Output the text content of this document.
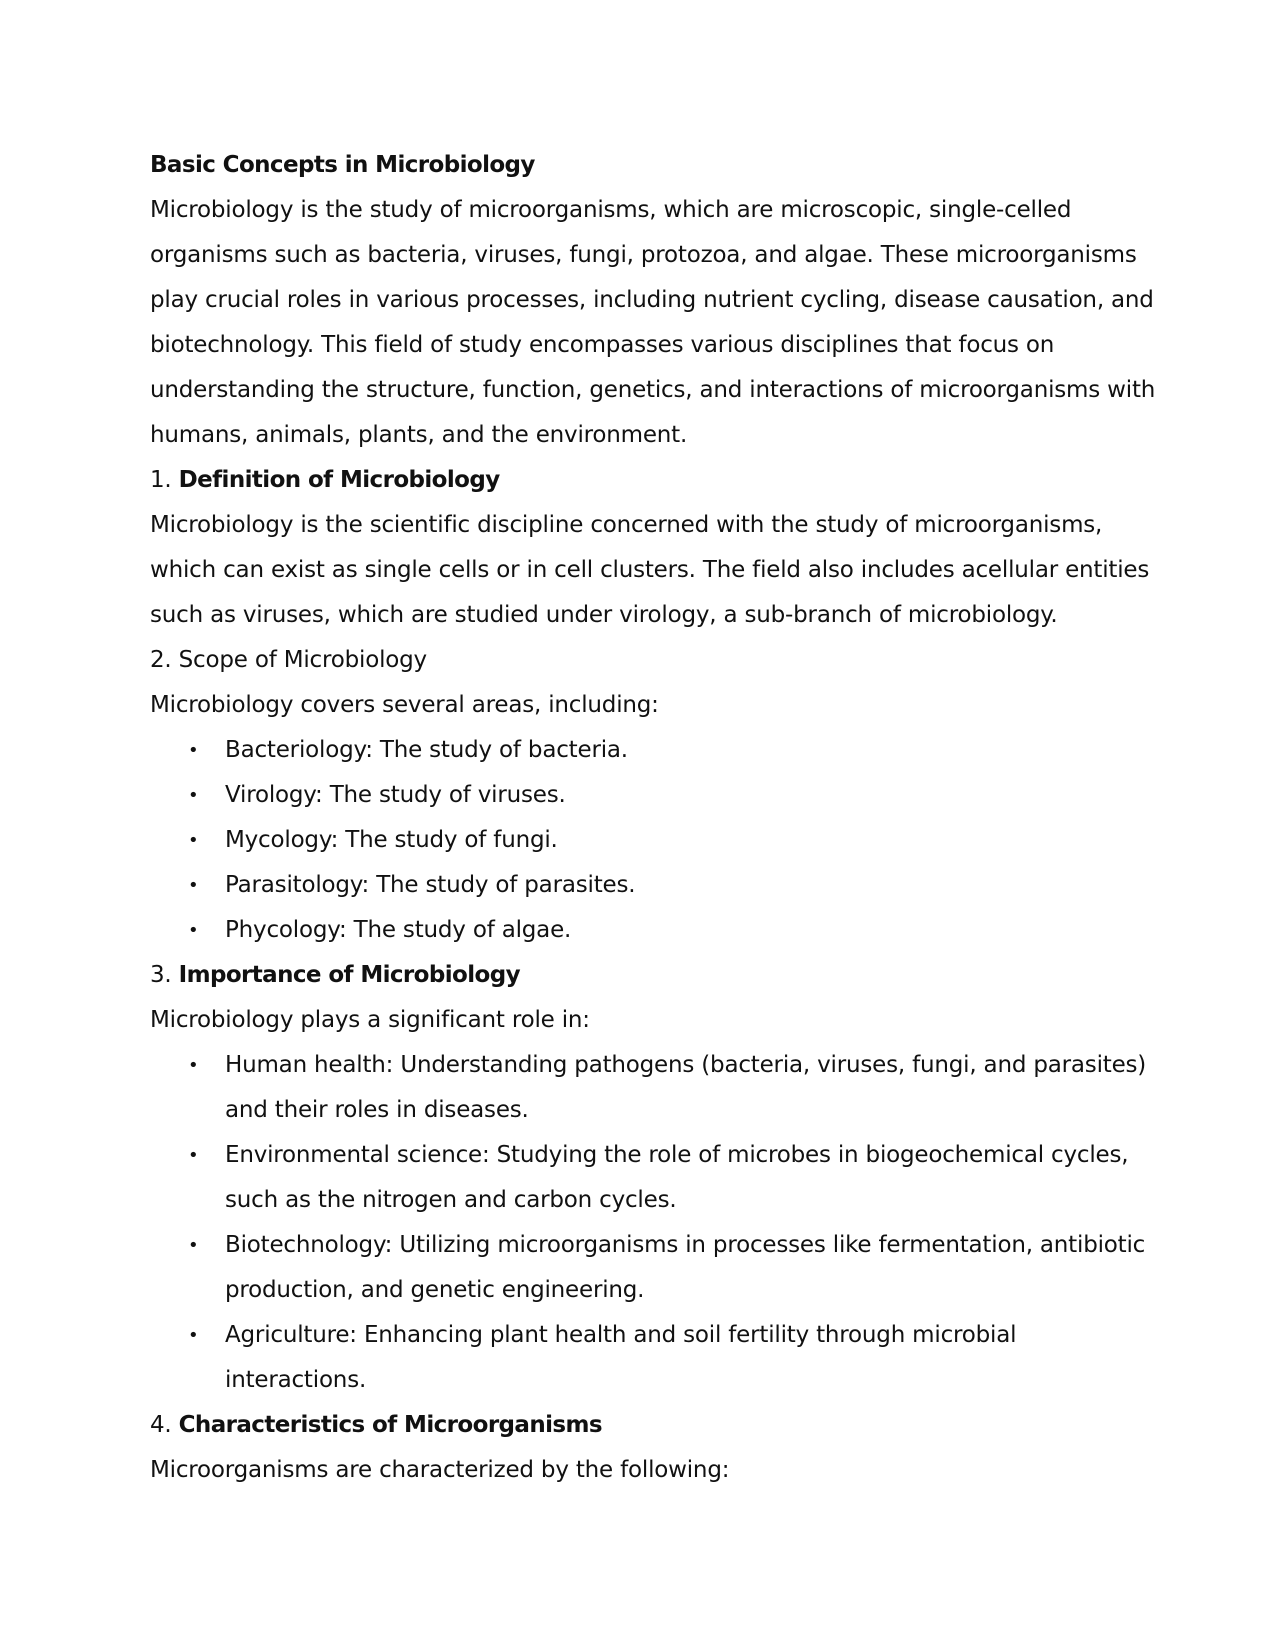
Basic Concepts in Microbiology

Microbiology is the study of microorganisms, which are microscopic, single-celled

organisms such as bacteria, viruses, fungi, protozoa, and algae. These microorganisms

play crucial roles in various processes, including nutrient cycling, disease causation, and

biotechnology. This field of study encompasses various disciplines that focus on

understanding the structure, function, genetics, and interactions of microorganisms with

humans, animals, plants, and the environment.

1. Definition of Microbiology

Microbiology is the scientific discipline concerned with the study of microorganisms,

which can exist as single cells or in cell clusters. The field also includes acellular entities

such as viruses, which are studied under virology, a sub-branch of microbiology.

2. Scope of Microbiology

Microbiology covers several areas, including:

• Bacteriology: The study of bacteria.
• Virology: The study of viruses.
• Mycology: The study of fungi.
• Parasitology: The study of parasites.
• Phycology: The study of algae.

3. Importance of Microbiology

Microbiology plays a significant role in:

• Human health: Understanding pathogens (bacteria, viruses, fungi, and parasites)

and their roles in diseases.

• Environmental science: Studying the role of microbes in biogeochemical cycles,

such as the nitrogen and carbon cycles.

• Biotechnology: Utilizing microorganisms in processes like fermentation, antibiotic

production, and genetic engineering.

• Agriculture: Enhancing plant health and soil fertility through microbial

interactions.

4. Characteristics of Microorganisms

Microorganisms are characterized by the following:
